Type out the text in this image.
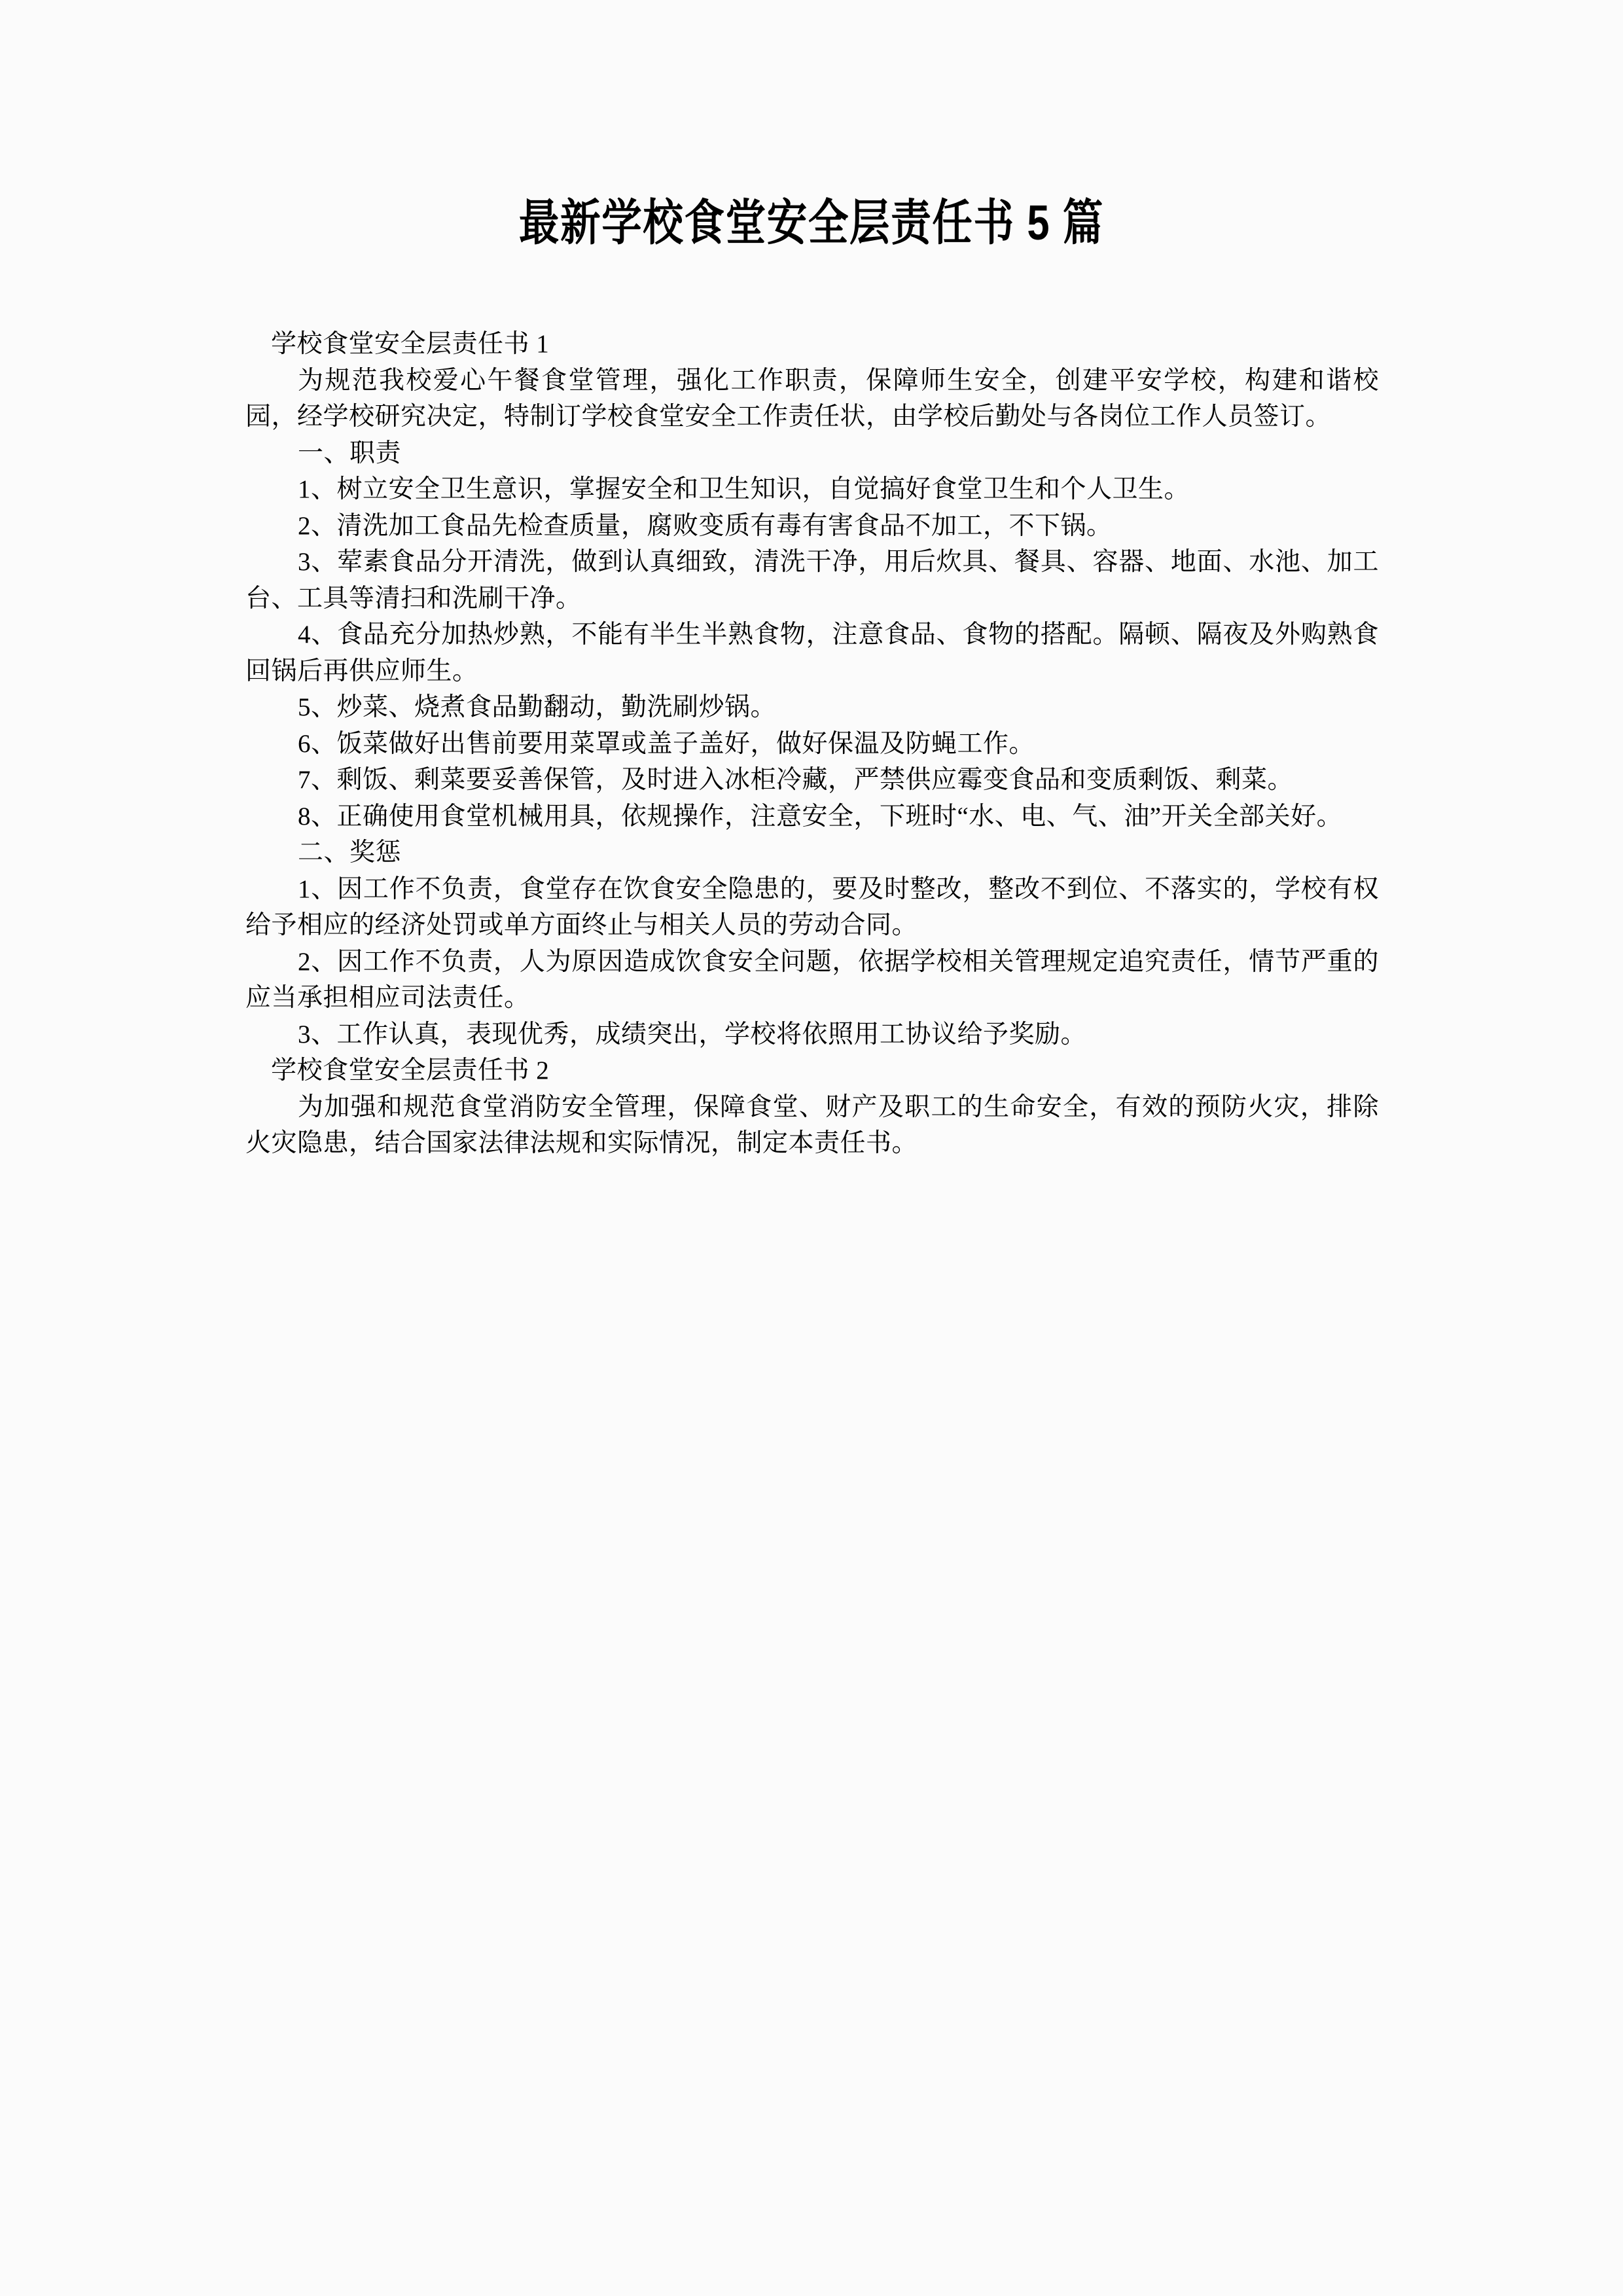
最新学校食堂安全层责任书 5 篇

学校食堂安全层责任书 1

为规范我校爱心午餐食堂管理，强化工作职责，保障师生安全，创建平安学校，构建和谐校园，经学校研究决定，特制订学校食堂安全工作责任状，由学校后勤处与各岗位工作人员签订。

一、职责

1、树立安全卫生意识，掌握安全和卫生知识，自觉搞好食堂卫生和个人卫生。

2、清洗加工食品先检查质量，腐败变质有毒有害食品不加工，不下锅。

3、荤素食品分开清洗，做到认真细致，清洗干净，用后炊具、餐具、容器、地面、水池、加工台、工具等清扫和洗刷干净。

4、食品充分加热炒熟，不能有半生半熟食物，注意食品、食物的搭配。隔顿、隔夜及外购熟食回锅后再供应师生。

5、炒菜、烧煮食品勤翻动，勤洗刷炒锅。

6、饭菜做好出售前要用菜罩或盖子盖好，做好保温及防蝇工作。

7、剩饭、剩菜要妥善保管，及时进入冰柜冷藏，严禁供应霉变食品和变质剩饭、剩菜。

8、正确使用食堂机械用具，依规操作，注意安全，下班时“水、电、气、油”开关全部关好。

二、奖惩

1、因工作不负责，食堂存在饮食安全隐患的，要及时整改，整改不到位、不落实的，学校有权给予相应的经济处罚或单方面终止与相关人员的劳动合同。

2、因工作不负责，人为原因造成饮食安全问题，依据学校相关管理规定追究责任，情节严重的应当承担相应司法责任。

3、工作认真，表现优秀，成绩突出，学校将依照用工协议给予奖励。

学校食堂安全层责任书 2

为加强和规范食堂消防安全管理，保障食堂、财产及职工的生命安全，有效的预防火灾，排除火灾隐患，结合国家法律法规和实际情况，制定本责任书。
